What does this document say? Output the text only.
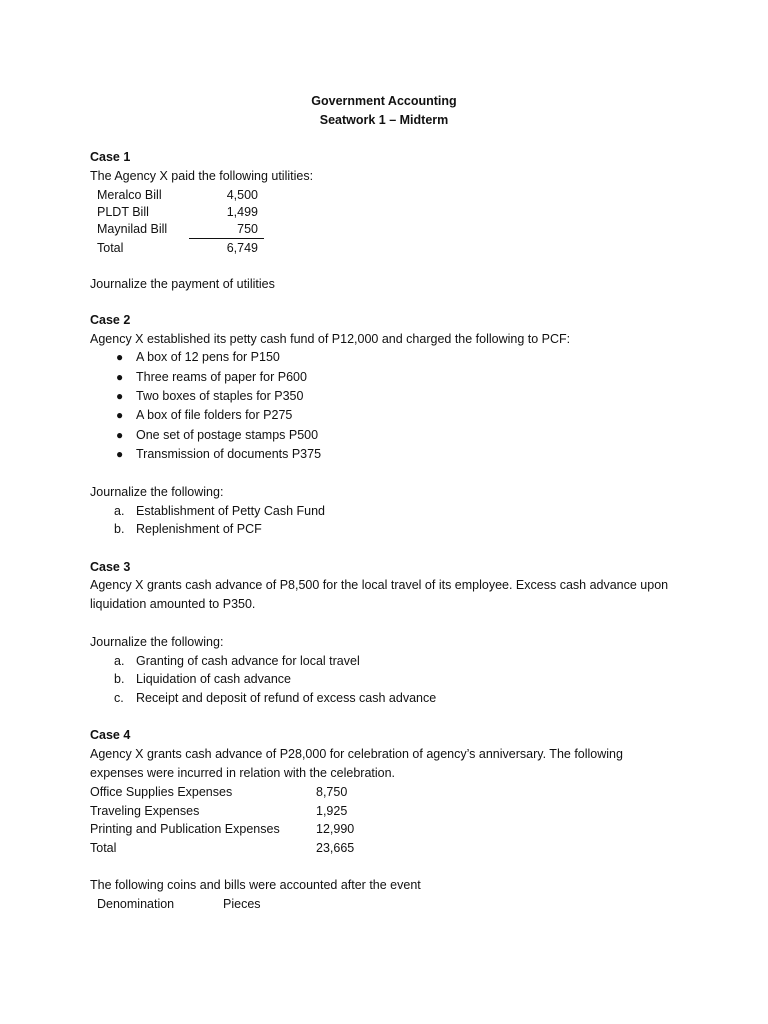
Government Accounting
Seatwork 1 – Midterm
Case 1
The Agency X paid the following utilities:
Meralco Bill	4,500
PLDT Bill	1,499
Maynilad Bill	750
Total	6,749
Journalize the payment of utilities
Case 2
Agency X established its petty cash fund of P12,000 and charged the following to PCF:
● A box of 12 pens for P150
● Three reams of paper for P600
● Two boxes of staples for P350
● A box of file folders for P275
● One set of postage stamps P500
● Transmission of documents P375
Journalize the following:
a. Establishment of Petty Cash Fund
b. Replenishment of PCF
Case 3
Agency X grants cash advance of P8,500 for the local travel of its employee. Excess cash advance upon
liquidation amounted to P350.
Journalize the following:
a. Granting of cash advance for local travel
b. Liquidation of cash advance
c. Receipt and deposit of refund of excess cash advance
Case 4
Agency X grants cash advance of P28,000 for celebration of agency’s anniversary. The following
expenses were incurred in relation with the celebration.
Office Supplies Expenses	8,750
Traveling Expenses	1,925
Printing and Publication Expenses	12,990
Total	23,665
The following coins and bills were accounted after the event
Denomination	Pieces
